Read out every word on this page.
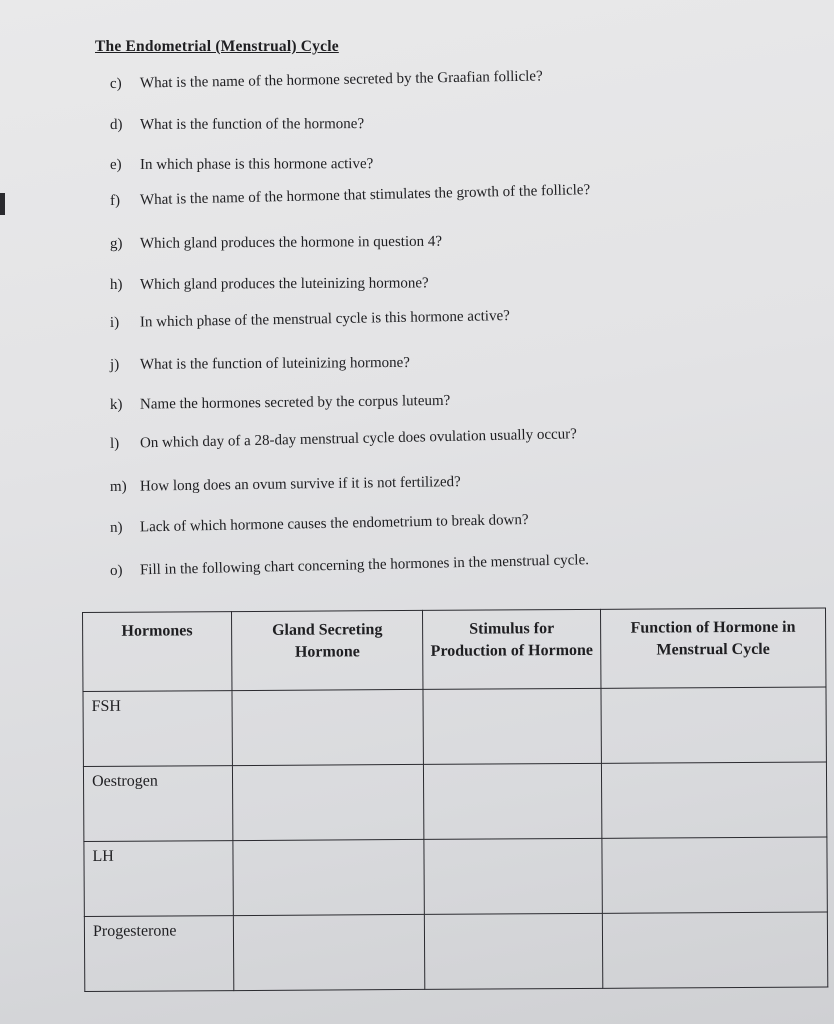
The Endometrial (Menstrual) Cycle
c) What is the name of the hormone secreted by the Graafian follicle?
d) What is the function of the hormone?
e) In which phase is this hormone active?
f) What is the name of the hormone that stimulates the growth of the follicle?
g) Which gland produces the hormone in question 4?
h) Which gland produces the luteinizing hormone?
i) In which phase of the menstrual cycle is this hormone active?
j) What is the function of luteinizing hormone?
k) Name the hormones secreted by the corpus luteum?
l) On which day of a 28-day menstrual cycle does ovulation usually occur?
m) How long does an ovum survive if it is not fertilized?
n) Lack of which hormone causes the endometrium to break down?
o) Fill in the following chart concerning the hormones in the menstrual cycle.
Hormones	Gland Secreting Hormone	Stimulus for Production of Hormone	Function of Hormone in Menstrual Cycle
FSH			
Oestrogen			
LH			
Progesterone			
